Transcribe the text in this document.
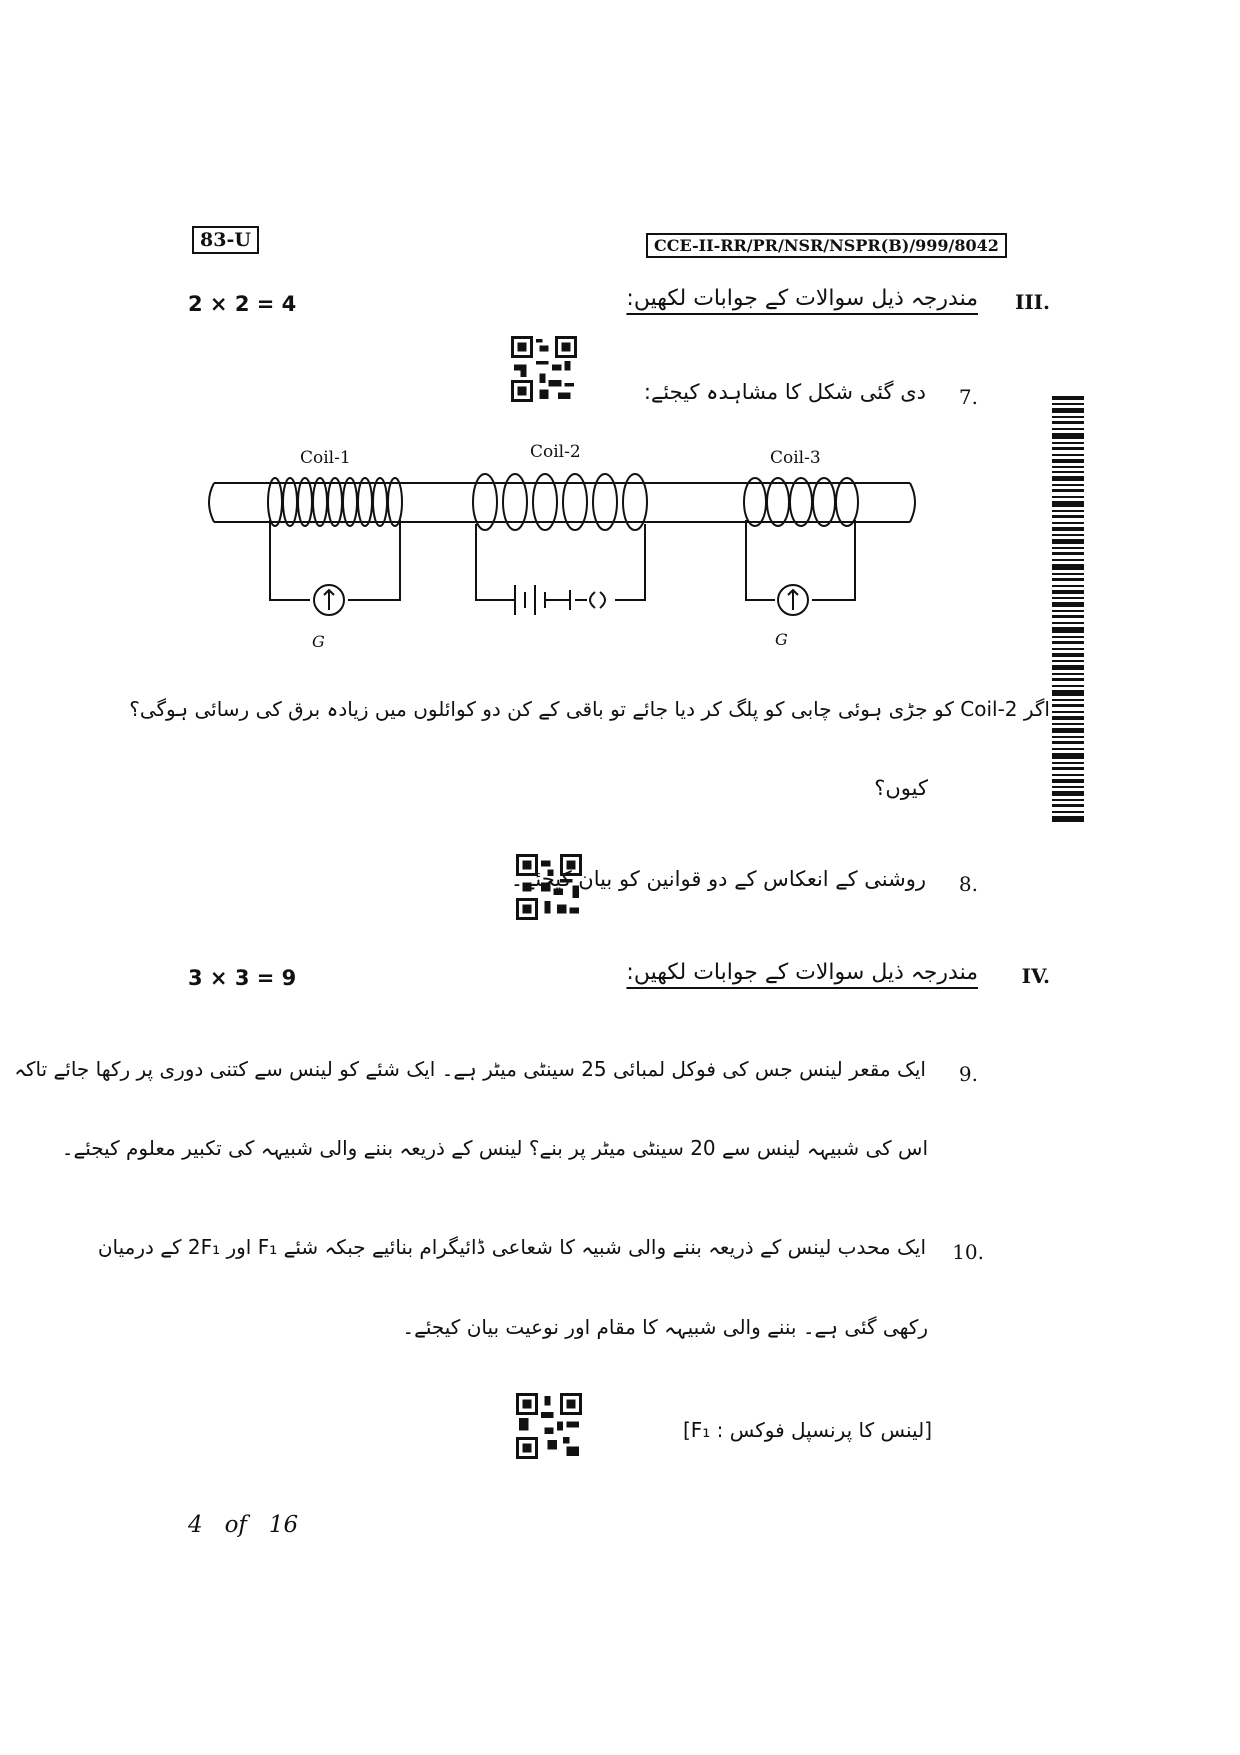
83-U	CCE-II-RR/PR/NSR/NSPR(B)/999/8042
III.
مندرجہ ذیل سوالات کے جوابات لکھیں:
2 × 2 = 4
7.
دی گئی شکل کا مشاہدہ کیجئے:
Coil-1	Coil-2	Coil-3
G	G
اگر Coil-2 کو جڑی ہوئی چابی کو پلگ کر دیا جائے تو باقی کے کن دو کوائلوں میں زیادہ برق کی رسائی ہوگی؟
کیوں؟
8.
روشنی کے انعکاس کے دو قوانین کو بیان کیجئے۔
IV.
مندرجہ ذیل سوالات کے جوابات لکھیں:
3 × 3 = 9
9.
ایک مقعر لینس جس کی فوکل لمبائی 25 سینٹی میٹر ہے۔ ایک شئے کو لینس سے کتنی دوری پر رکھا جائے تاکہ
اس کی شبیہہ لینس سے 20 سینٹی میٹر پر بنے؟ لینس کے ذریعہ بننے والی شبیہہ کی تکبیر معلوم کیجئے۔
10.
ایک محدب لینس کے ذریعہ بننے والی شبیہ کا شعاعی ڈائیگرام بنائیے جبکہ شئے F₁ اور 2F₁ کے درمیان
رکھی گئی ہے۔ بننے والی شبیہہ کا مقام اور نوعیت بیان کیجئے۔
[F₁ : لینس کا پرنسپل فوکس]
4   of   16
